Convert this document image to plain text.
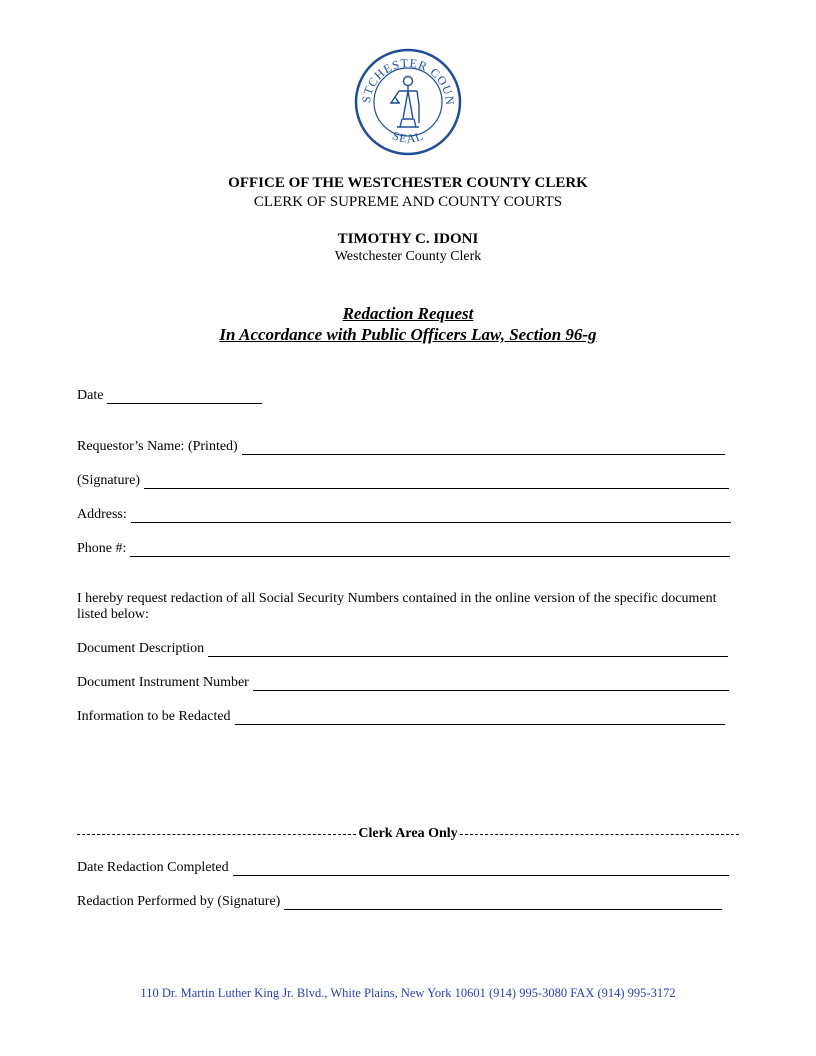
STCHESTER COUN
SEAL
OFFICE OF THE WESTCHESTER COUNTY CLERK
CLERK OF SUPREME AND COUNTY COURTS
TIMOTHY C. IDONI
Westchester County Clerk
Redaction Request
In Accordance with Public Officers Law, Section 96-g
Date
Requestor’s Name: (Printed)
(Signature)
Address:
Phone #:
I hereby request redaction of all Social Security Numbers contained in the online version of the specific document listed below:
Document Description
Document Instrument Number
Information to be Redacted
Clerk Area Only
Date Redaction Completed
Redaction Performed by (Signature)
110 Dr. Martin Luther King Jr. Blvd., White Plains, New York 10601 (914) 995-3080 FAX (914) 995-3172
